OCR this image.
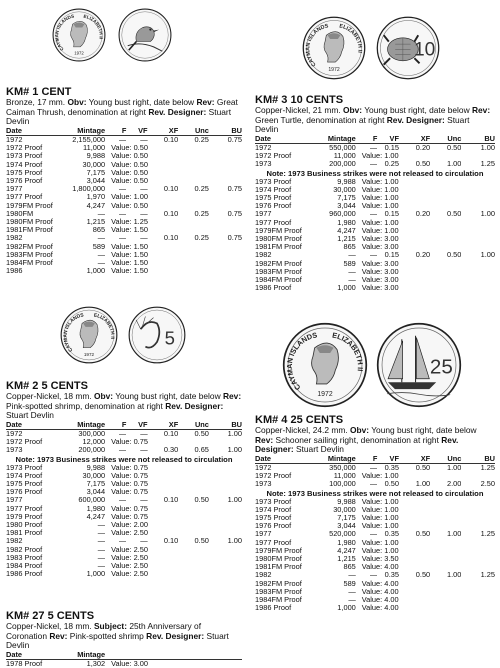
CAYMAN ISLANDS ELIZABETH II
1972
KM# 1 CENT
Bronze, 17 mm. Obv: Young bust right, date below Rev: Great Caiman Thrush, denomination at right Rev. Designer: Stuart Devlin
Date	Mintage	F	VF	XF	Unc	BU
1972	2,155,000	—	—	0.10	0.25	0.75
1972 Proof	11,000	Value: 0.50				
1973 Proof	9,988	Value: 0.50				
1974 Proof	30,000	Value: 0.50				
1975 Proof	7,175	Value: 0.50				
1976 Proof	3,044	Value: 0.50				
1977	1,800,000	—	—	0.10	0.25	0.75
1977 Proof	1,970	Value: 1.00				
1979FM Proof	4,247	Value: 0.50				
1980FM	—	—	—	0.10	0.25	0.75
1980FM Proof	1,215	Value: 1.25				
1981FM Proof	865	Value: 1.50				
1982	—	—	—	0.10	0.25	0.75
1982FM Proof	589	Value: 1.50				
1983FM Proof	—	Value: 1.50				
1984FM Proof	—	Value: 1.50				
1986	1,000	Value: 1.50				
CAYMAN ISLANDS ELIZABETH II
1972
5
KM# 2 5 CENTS
Copper-Nickel, 18 mm. Obv: Young bust right, date below Rev: Pink-spotted shrimp, denomination at right Rev. Designer: Stuart Devlin
Date	Mintage	F	VF	XF	Unc	BU
1972	300,000	—	—	0.10	0.50	1.00
1972 Proof	12,000	Value: 0.75				
1973	200,000	—	—	0.30	0.65	1.00
Note: 1973 Business strikes were not released to circulation
1973 Proof	9,988	Value: 0.75				
1974 Proof	30,000	Value: 0.75				
1975 Proof	7,175	Value: 0.75				
1976 Proof	3,044	Value: 0.75				
1977	600,000	—	—	0.10	0.50	1.00
1977 Proof	1,980	Value: 0.75				
1979 Proof	4,247	Value: 0.75				
1980 Proof	—	Value: 2.00				
1981 Proof	—	Value: 2.50				
1982	—	—	—	0.10	0.50	1.00
1982 Proof	—	Value: 2.50				
1983 Proof	—	Value: 2.50				
1984 Proof	—	Value: 2.50				
1986 Proof	1,000	Value: 2.50				
KM# 27 5 CENTS
Copper-Nickel, 18 mm. Subject: 25th Anniversary of Coronation Rev: Pink-spotted shrimp Rev. Designer: Stuart Devlin
Date	Mintage					
1978 Proof	1,302	Value: 3.00				
CAYMAN ISLANDS ELIZABETH II
1972
10
KM# 3 10 CENTS
Copper-Nickel, 21 mm. Obv: Young bust right, date below Rev: Green Turtle, denomination at right Rev. Designer: Stuart Devlin
Date	Mintage	F	VF	XF	Unc	BU
1972	550,000	—	0.15	0.20	0.50	1.00
1972 Proof	11,000	Value: 1.00				
1973	200,000	—	0.25	0.50	1.00	1.25
Note: 1973 Business strikes were not released to circulation
1973 Proof	9,988	Value: 1.00				
1974 Proof	30,000	Value: 1.00				
1975 Proof	7,175	Value: 1.00				
1976 Proof	3,044	Value: 1.00				
1977	960,000	—	0.15	0.20	0.50	1.00
1977 Proof	1,980	Value: 1.00				
1979FM Proof	4,247	Value: 1.00				
1980FM Proof	1,215	Value: 3.00				
1981FM Proof	865	Value: 3.00				
1982	—	—	0.15	0.20	0.50	1.00
1982FM Proof	589	Value: 3.00				
1983FM Proof	—	Value: 3.00				
1984FM Proof	—	Value: 3.00				
1986 Proof	1,000	Value: 3.00				
CAYMAN ISLANDS ELIZABETH II
1972
25
KM# 4 25 CENTS
Copper-Nickel, 24.2 mm. Obv: Young bust right, date below Rev: Schooner sailing right, denomination at right Rev. Designer: Stuart Devlin
Date	Mintage	F	VF	XF	Unc	BU
1972	350,000	—	0.35	0.50	1.00	1.25
1972 Proof	11,000	Value: 1.00				
1973	100,000	—	0.50	1.00	2.00	2.50
Note: 1973 Business strikes were not released to circulation
1973 Proof	9,988	Value: 1.00				
1974 Proof	30,000	Value: 1.00				
1975 Proof	7,175	Value: 1.00				
1976 Proof	3,044	Value: 1.00				
1977	520,000	—	0.35	0.50	1.00	1.25
1977 Proof	1,980	Value: 1.00				
1979FM Proof	4,247	Value: 1.00				
1980FM Proof	1,215	Value: 3.50				
1981FM Proof	865	Value: 4.00				
1982	—	—	0.35	0.50	1.00	1.25
1982FM Proof	589	Value: 4.00				
1983FM Proof	—	Value: 4.00				
1984FM Proof	—	Value: 4.00				
1986 Proof	1,000	Value: 4.00				
